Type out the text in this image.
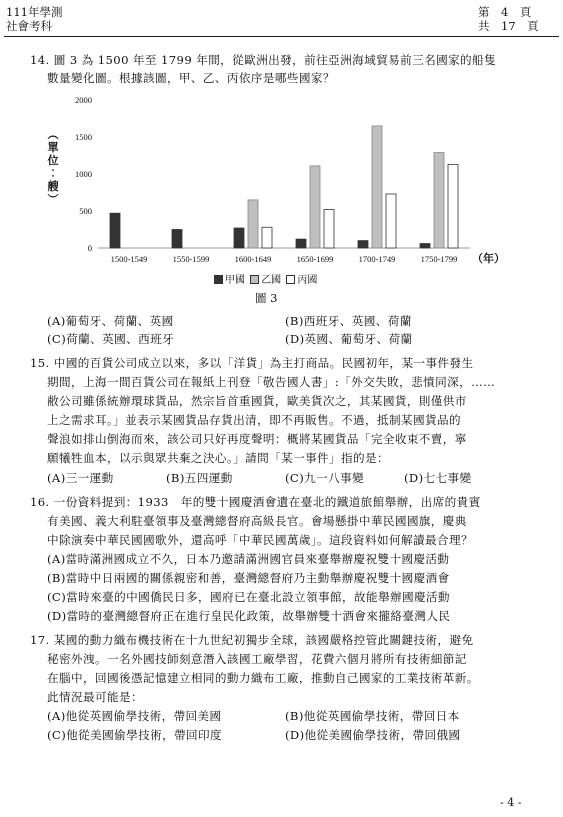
111年學測
社會考科
第　4　頁
共　17　頁
14. 圖 3 為 1500 年至 1799 年間，從歐洲出發，前往亞洲海域貿易前三名國家的船隻
數量變化圖。根據該圖，甲、乙、丙依序是哪些國家？
0
500
1000
1500
2000
1500-1549	1550-1599	1600-1649	1650-1699	1700-1749	1750-1799
︵
單
位
︰
艘
︶
（年）
甲國 乙國 丙國
圖 3
(A)葡萄牙、荷蘭、英國	(B)西班牙、英國、荷蘭
(C)荷蘭、英國、西班牙	(D)英國、葡萄牙、荷蘭
15. 中國的百貨公司成立以來，多以「洋貨」為主打商品。民國初年，某一事件發生
期間，上海一間百貨公司在報紙上刊登「敬告國人書」:「外交失敗，悲憤同深，……
敝公司雖係統辦環球貨品，然宗旨首重國貨，歐美貨次之，其某國貨，則僅供市
上之需求耳。」並表示某國貨品存貨出清，即不再販售。不過，抵制某國貨品的
聲浪如排山倒海而來，該公司只好再度聲明：概將某國貨品「完全收束不賣，寧
願犧牲血本，以示與眾共棄之決心。」請問「某一事件」指的是：
(A)三一運動	(B)五四運動	(C)九一八事變	(D)七七事變
16. 一份資料提到：1933　年的雙十國慶酒會遺在臺北的鐵道旅館舉辦，出席的貴賓
有美國、義大利駐臺領事及臺灣總督府高級長官。會場懸掛中華民國國旗，慶典
中除演奏中華民國國歌外，還高呼「中華民國萬歲」。這段資料如何解讀最合理？
(A)當時滿洲國成立不久，日本乃邀請滿洲國官員來臺舉辦慶祝雙十國慶活動
(B)當時中日兩國的關係親密和善，臺灣總督府乃主動舉辦慶祝雙十國慶酒會
(C)當時來臺的中國僑民日多，國府已在臺北設立領事館，故能舉辦國慶活動
(D)當時的臺灣總督府正在進行皇民化政策，故舉辦雙十酒會來攏絡臺灣人民
17. 某國的動力織布機技術在十九世紀初獨步全球，該國嚴格控管此關鍵技術，避免
秘密外洩。一名外國技師刻意潛入該國工廠學習，花費六個月將所有技術細節記
在腦中，回國後憑記憶建立相同的動力織布工廠，推動自己國家的工業技術革新。
此情況最可能是：
(A)他從英國偷學技術，帶回美國	(B)他從英國偷學技術，帶回日本
(C)他從美國偷學技術，帶回印度	(D)他從美國偷學技術，帶回俄國
- 4 -
